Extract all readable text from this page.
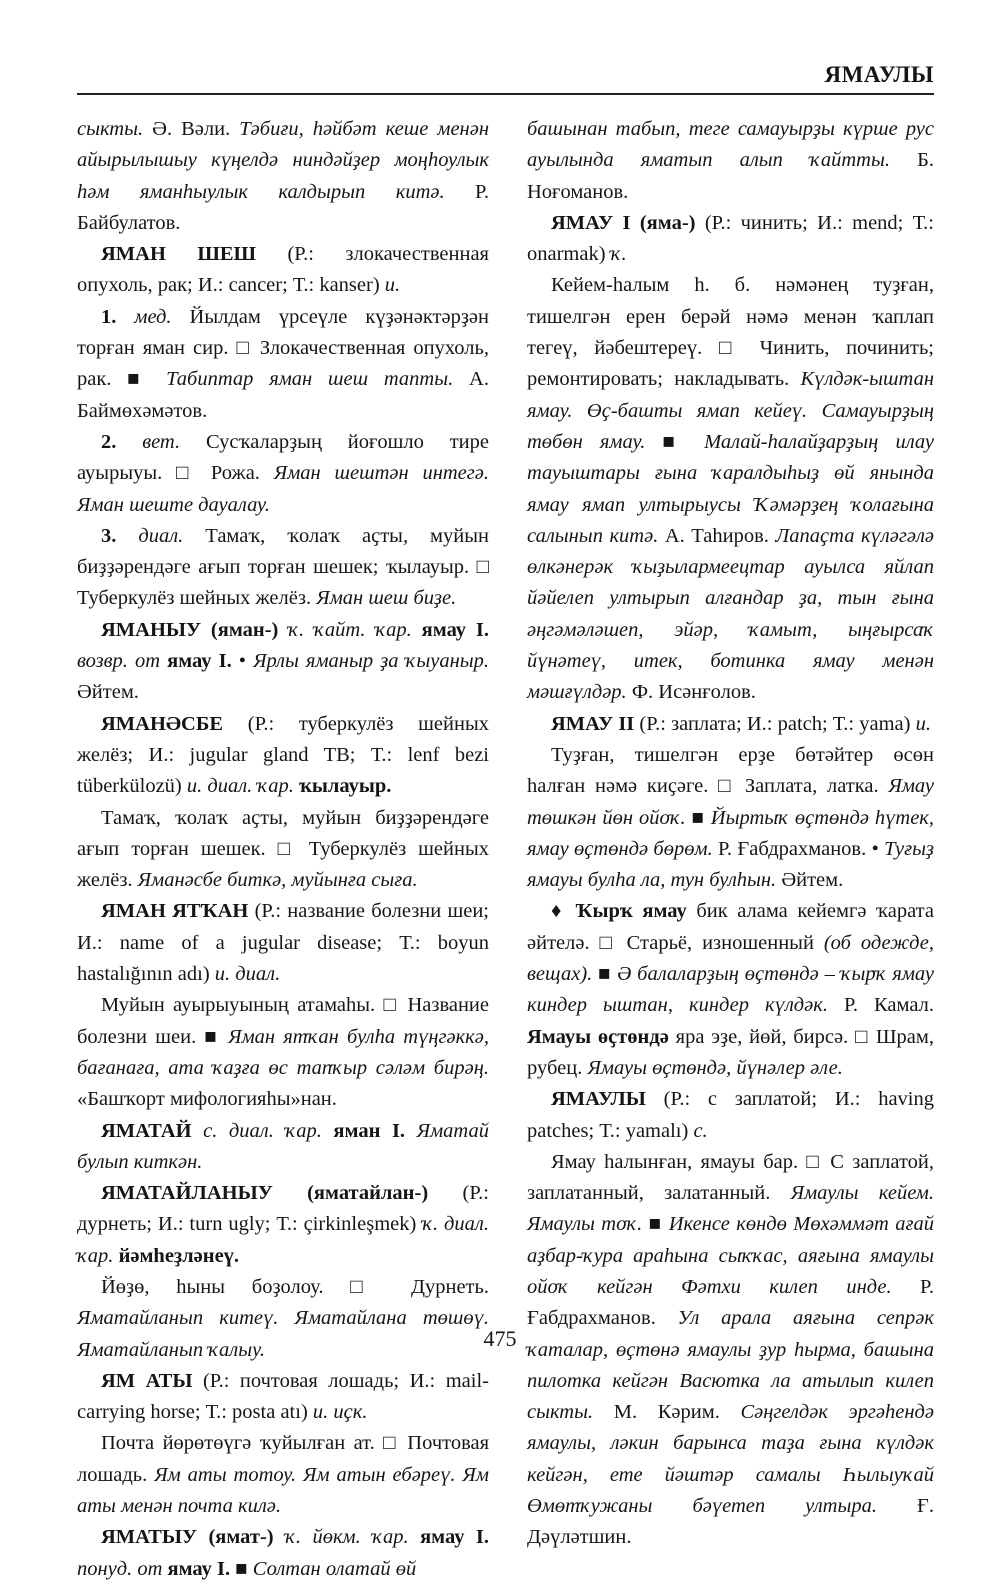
ЯМАУЛЫ

сыкты. Ә. Вәли. Тәбиғи, һәйбәт кеше менән айырылышыу күңелдә ниндәйҙер моңһоулык һәм яманһыулык калдырып китә. Р. Байбулатов.

ЯМАН ШЕШ (Р.: злокачественная опухоль, рак; И.: cancer; Т.: kanser) и.

1. мед. Йылдам үрсеүле күҙәнәктәрҙән торған яман сир. □ Злокачественная опухоль, рак. ■ Табиптар яман шеш тапты. А. Баймөхәмәтов.

2. вет. Сусҡаларҙың йоғошло тире ауырыуы. □ Рожа. Яман шештән интегә. Яман шеште дауалау.

3. диал. Тамаҡ, ҡолаҡ аҫты, муйын биҙҙәрендәге ағып торған шешек; ҡылауыр. □ Туберкулёз шейных желёз. Яман шеш биҙе.

ЯМАНЫУ (яман-) ҡ. ҡайт. ҡар. ямау I. возвр. от ямау I. • Ярлы яманыр ҙа ҡыуаныр. Әйтем.

ЯМАНӘСБЕ (Р.: туберкулёз шейных желёз; И.: jugular gland TB; Т.: lenf bezi tüberkülozü) и. диал. ҡар. ҡылауыр.

Тамаҡ, ҡолаҡ аҫты, муйын биҙҙәрендәге ағып торған шешек. □ Туберкулёз шейных желёз. Яманәсбе биткә, муйынға сыға.

ЯМАН ЯТҠАН (Р.: название болезни шеи; И.: name of a jugular disease; Т.: boyun hastalığının adı) и. диал.

Муйын ауырыуының атамаһы. □ Название болезни шеи. ■ Яман ятҡан булһа түңгәккә, бағанаға, ата ҡаҙға өс тапҡыр сәләм бирәң. «Башҡорт мифологияһы»нан.

ЯМАТАЙ с. диал. ҡар. яман I. Яматай булып киткән.

ЯМАТАЙЛАНЫУ (яматайлан-) (Р.: дурнеть; И.: turn ugly; Т.: çirkinleşmek) ҡ. диал. ҡар. йәмһеҙләнеү.

Йөҙө, һыны боҙолоу. □ Дурнеть. Яматайланып китеү. Яматайлана төшөү. Яматайланып ҡалыу.

ЯМ АТЫ (Р.: почтовая лошадь; И.: mail-carrying horse; Т.: posta atı) и. иҫк.

Почта йөрөтөүгә ҡуйылған ат. □ Почтовая лошадь. Ям аты тотоу. Ям атын ебәреү. Ям аты менән почта килә.

ЯМАТЫУ (ямат-) ҡ. йөкм. ҡар. ямау I. понуд. от ямау I. ■ Солтан олатай өй

башынан табып, теге самауырҙы күрше рус ауылында яматып алып ҡайтты. Б. Ноғоманов.

ЯМАУ I (яма-) (Р.: чинить; И.: mend; Т.: onarmak) ҡ.

Кейем-һалым һ. б. нәмәнең туҙған, тишелгән ерен берәй нәмә менән ҡаплап тегеү, йәбештереү. □ Чинить, починить; ремонтировать; накладывать. Күлдәк-ыштан ямау. Өҫ-башты ямап кейеү. Самауырҙың төбөн ямау. ■ Малай-һалайҙарҙың илау тауыштары ғына ҡаралдыһыҙ өй янында ямау ямап ултырыусы Ҡәмәрҙең ҡолағына салынып китә. А. Таһиров. Лапаҫта күләгәлә өлкәнерәк ҡыҙылармеецтар ауылса яйлап йәйелеп ултырып алғандар ҙа, тын ғына әңгәмәләшеп, эйәр, ҡамыт, ыңғырсаҡ йүнәтеү, итек, ботинка ямау менән мәшғүлдәр. Ф. Исәнғолов.

ЯМАУ II (Р.: заплата; И.: patch; Т.: yama) и.

Туҙған, тишелгән ерҙе бөтәйтер өсөн һалған нәмә киҫәге. □ Заплата, латка. Ямау төшкән йөн ойоҡ. ■ Йыртыҡ өҫтөндә һүтек, ямау өҫтөндә бөрөм. Р. Ғабдрахманов. • Туғыҙ ямауы булһа ла, тун булһын. Әйтем.

♦ Ҡырҡ ямау бик алама кейемгә ҡарата әйтелә. □ Старьё, изношенный (об одежде, вещах). ■ Ә балаларҙың өҫтөндә – ҡырҡ ямау киндер ыштан, киндер күлдәк. Р. Камал. Ямауы өҫтөндә яра эҙе, йөй, бирсә. □ Шрам, рубец. Ямауы өҫтөндә, йүнәлер әле.

ЯМАУЛЫ (Р.: с заплатой; И.: having patches; Т.: yamalı) с.

Ямау һалынған, ямауы бар. □ С заплатой, заплатанный, залатанный. Ямаулы кейем. Ямаулы тоҡ. ■ Икенсе көндө Мөхәммәт ағай аҙбар-ҡура араһына сыҡҡас, аяғына ямаулы ойоҡ кейгән Фәтхи килеп инде. Р. Ғабдрахманов. Ул арала аяғына сепрәк ҡаталар, өҫтөнә ямаулы ҙур һырма, башына пилотка кейгән Васютка ла атылып килеп сыкты. М. Кәрим. Сәңгелдәк эргәһендә ямаулы, ләкин барынса таҙа ғына күлдәк кейгән, ете йәштәр самалы Һылыуҡай Өмөтҡужаны бәүетеп ултыра. Ғ. Дәүләтшин.

475
